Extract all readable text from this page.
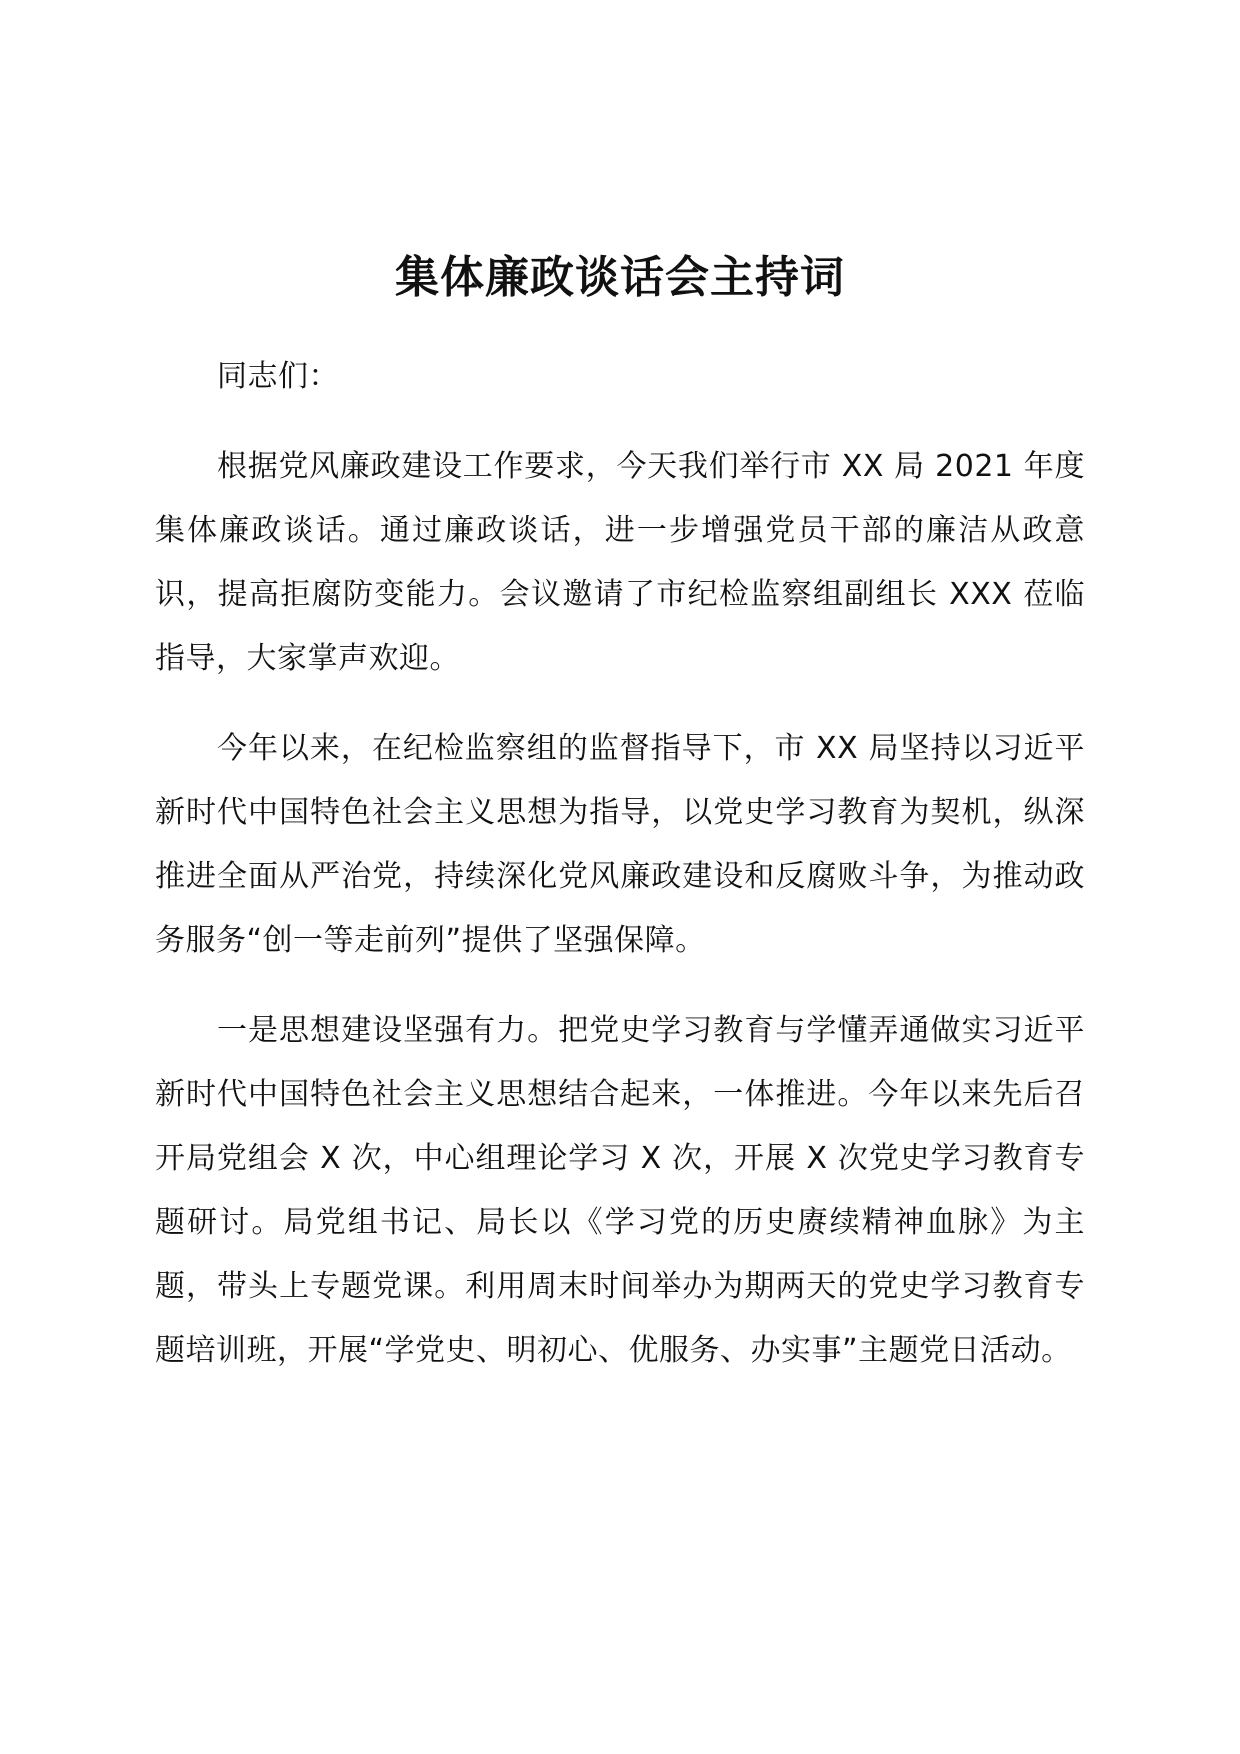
集体廉政谈话会主持词

同志们：

根据党风廉政建设工作要求，今天我们举行市 XX 局 2021 年度集体廉政谈话。通过廉政谈话，进一步增强党员干部的廉洁从政意识，提高拒腐防变能力。会议邀请了市纪检监察组副组长 XXX 莅临指导，大家掌声欢迎。

今年以来，在纪检监察组的监督指导下，市 XX 局坚持以习近平新时代中国特色社会主义思想为指导，以党史学习教育为契机，纵深推进全面从严治党，持续深化党风廉政建设和反腐败斗争，为推动政务服务“创一等走前列”提供了坚强保障。

一是思想建设坚强有力。把党史学习教育与学懂弄通做实习近平新时代中国特色社会主义思想结合起来，一体推进。今年以来先后召开局党组会 X 次，中心组理论学习 X 次，开展 X 次党史学习教育专题研讨。局党组书记、局长以《学习党的历史赓续精神血脉》为主题，带头上专题党课。利用周末时间举办为期两天的党史学习教育专题培训班，开展“学党史、明初心、优服务、办实事”主题党日活动。
